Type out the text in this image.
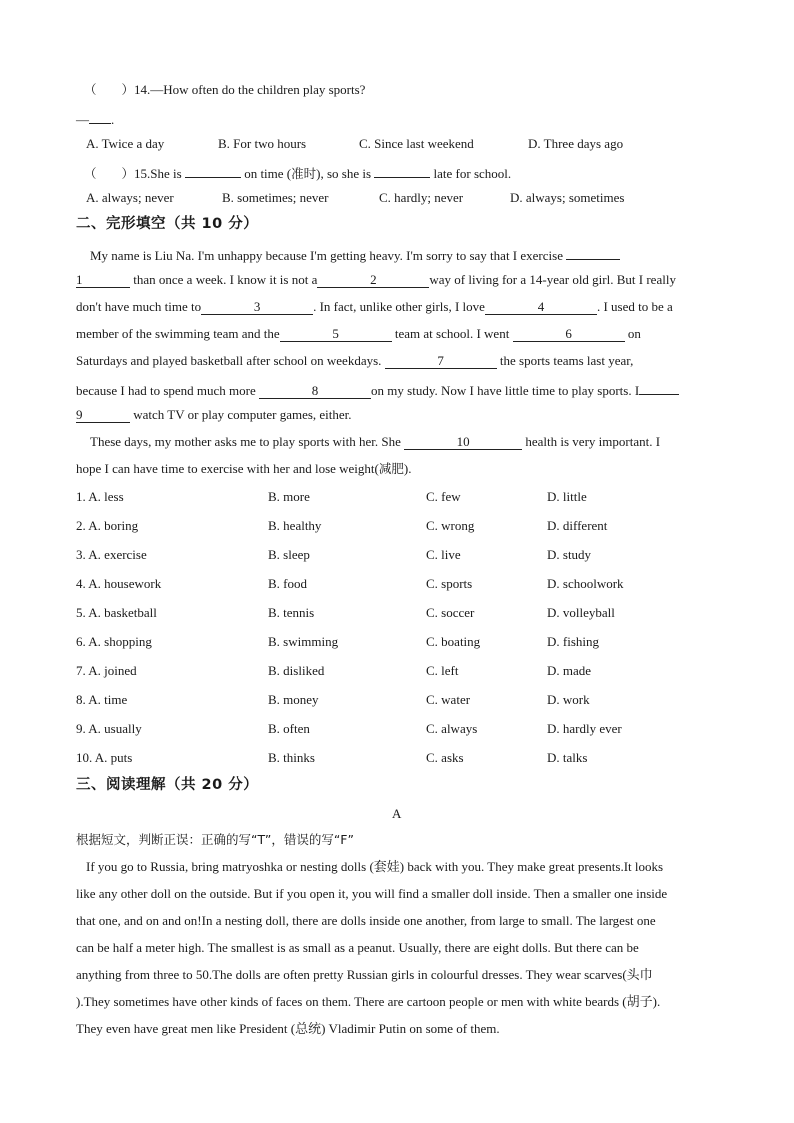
（　　）14.—How often do the children play sports?
— .
A. Twice a day	B. For two hours	C. Since last weekend	D. Three days ago
（　　）15.She is	on time (准时), so she is	late for school.
A. always; never	B. sometimes; never	C. hardly; never	D. always; sometimes
二、完形填空（共 10 分）
My name is Liu Na. I'm unhappy because I'm getting heavy. I'm sorry to say that I exercise
1	than once a week. I know it is not a	2	way of living for a 14-year old girl. But I really
don't have much time to	3	. In fact, unlike other girls, I love	4	. I used to be a
member of the swimming team and the	5	team at school. I went	6	on
Saturdays and played basketball after school on weekdays.	7	the sports teams last year,
because I had to spend much more	8	on my study. Now I have little time to play sports. I
9	watch TV or play computer games, either.
These days, my mother asks me to play sports with her. She	10	health is very important. I
hope I can have time to exercise with her and lose weight(减肥).
1. A. less	B. more	C. few	D. little
2. A. boring	B. healthy	C. wrong	D. different
3. A. exercise	B. sleep	C. live	D. study
4. A. housework	B. food	C. sports	D. schoolwork
5. A. basketball	B. tennis	C. soccer	D. volleyball
6. A. shopping	B. swimming	C. boating	D. fishing
7. A. joined	B. disliked	C. left	D. made
8. A. time	B. money	C. water	D. work
9. A. usually	B. often	C. always	D. hardly ever
10. A. puts	B. thinks	C. asks	D. talks
三、阅读理解（共 20 分）
A
根据短文，判断正误：正确的写“T”，错误的写“F”
If you go to Russia, bring matryoshka or nesting dolls (套娃) back with you. They make great presents.It looks
like any other doll on the outside. But if you open it, you will find a smaller doll inside. Then a smaller one inside
that one, and on and on!In a nesting doll, there are dolls inside one another, from large to small. The largest one
can be half a meter high. The smallest is as small as a peanut. Usually, there are eight dolls. But there can be
anything from three to 50.The dolls are often pretty Russian girls in colourful dresses. They wear scarves(头巾
).They sometimes have other kinds of faces on them. There are cartoon people or men with white beards (胡子).
They even have great men like President (总统) Vladimir Putin on some of them.
